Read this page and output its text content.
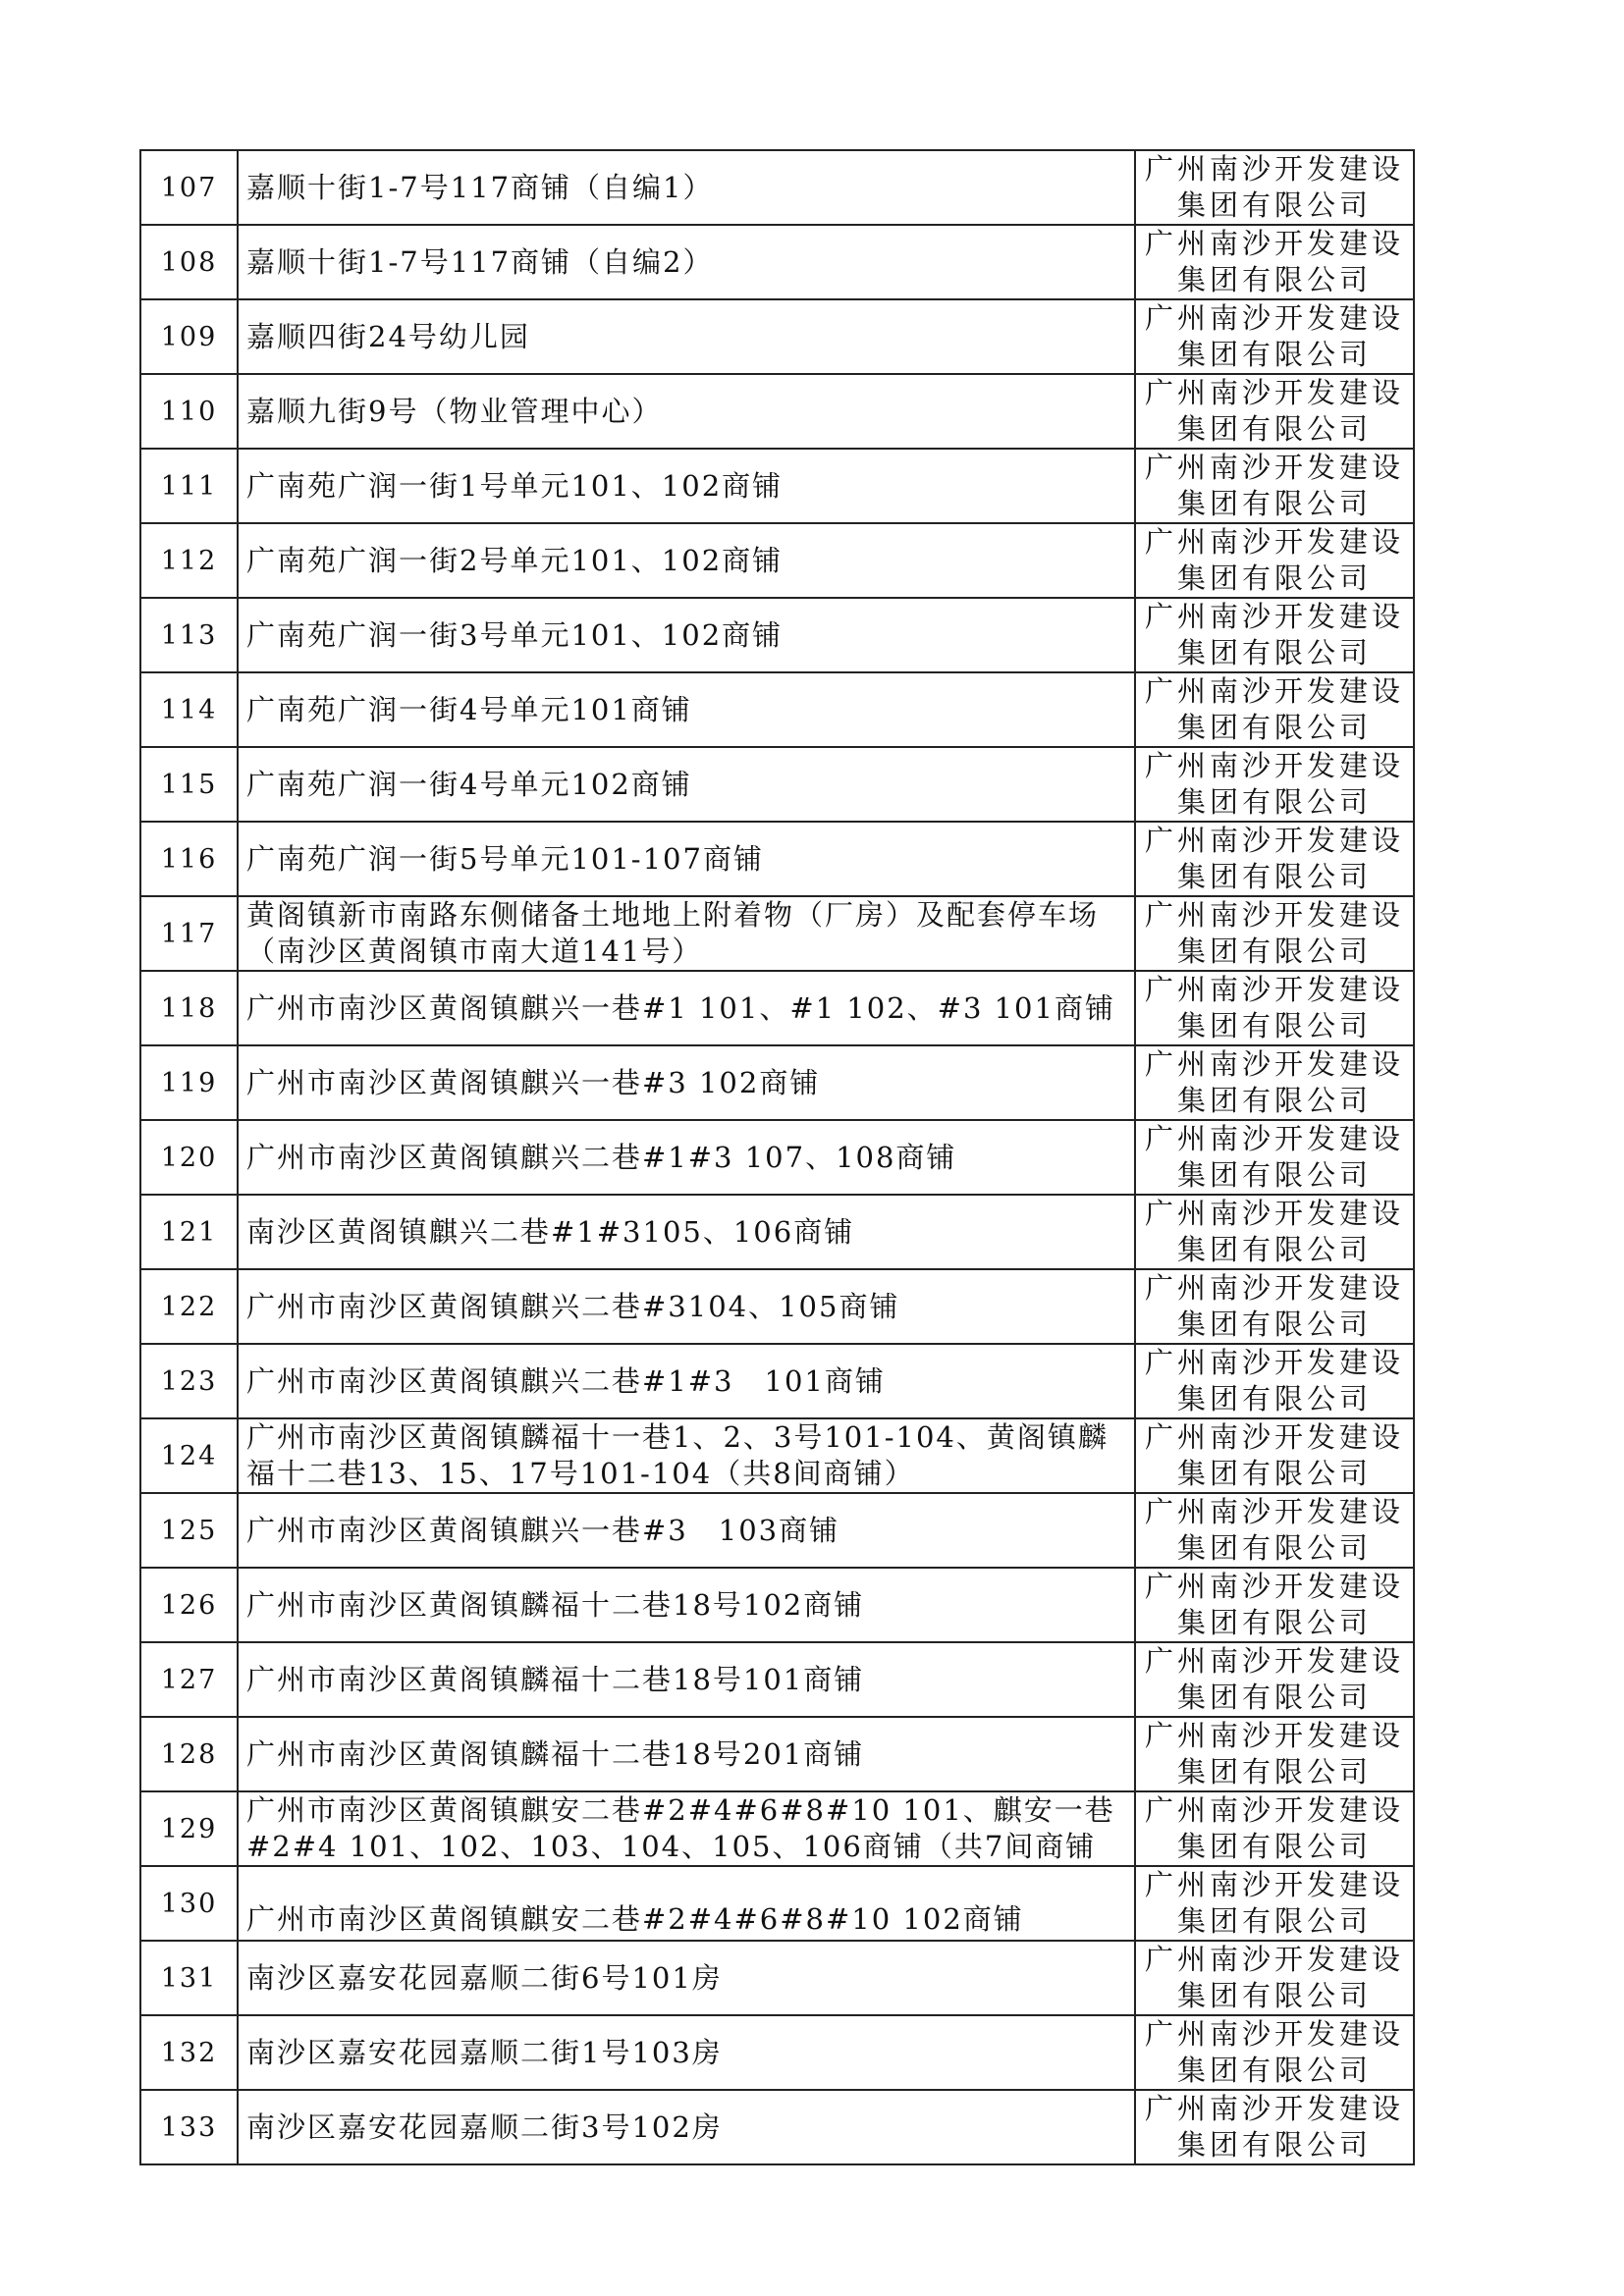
107	嘉顺十街1-7号117商铺（自编1）	广州南沙开发建设
集团有限公司

108	嘉顺十街1-7号117商铺（自编2）	广州南沙开发建设
集团有限公司

109	嘉顺四街24号幼儿园	广州南沙开发建设
集团有限公司

110	嘉顺九街9号（物业管理中心）	广州南沙开发建设
集团有限公司

111	广南苑广润一街1号单元101、102商铺	广州南沙开发建设
集团有限公司

112	广南苑广润一街2号单元101、102商铺	广州南沙开发建设
集团有限公司

113	广南苑广润一街3号单元101、102商铺	广州南沙开发建设
集团有限公司

114	广南苑广润一街4号单元101商铺	广州南沙开发建设
集团有限公司

115	广南苑广润一街4号单元102商铺	广州南沙开发建设
集团有限公司

116	广南苑广润一街5号单元101-107商铺	广州南沙开发建设
集团有限公司

117	黄阁镇新市南路东侧储备土地地上附着物（厂房）及配套停车场（南沙区黄阁镇市南大道141号）	广州南沙开发建设
集团有限公司

118	广州市南沙区黄阁镇麒兴一巷#1 101、#1 102、#3 101商铺	广州南沙开发建设
集团有限公司

119	广州市南沙区黄阁镇麒兴一巷#3 102商铺	广州南沙开发建设
集团有限公司

120	广州市南沙区黄阁镇麒兴二巷#1#3 107、108商铺	广州南沙开发建设
集团有限公司

121	南沙区黄阁镇麒兴二巷#1#3105、106商铺	广州南沙开发建设
集团有限公司

122	广州市南沙区黄阁镇麒兴二巷#3104、105商铺	广州南沙开发建设
集团有限公司

123	广州市南沙区黄阁镇麒兴二巷#1#3　101商铺	广州南沙开发建设
集团有限公司

124	广州市南沙区黄阁镇麟福十一巷1、2、3号101-104、黄阁镇麟福十二巷13、15、17号101-104（共8间商铺）	广州南沙开发建设
集团有限公司

125	广州市南沙区黄阁镇麒兴一巷#3　103商铺	广州南沙开发建设
集团有限公司

126	广州市南沙区黄阁镇麟福十二巷18号102商铺	广州南沙开发建设
集团有限公司

127	广州市南沙区黄阁镇麟福十二巷18号101商铺	广州南沙开发建设
集团有限公司

128	广州市南沙区黄阁镇麟福十二巷18号201商铺	广州南沙开发建设
集团有限公司

129	广州市南沙区黄阁镇麒安二巷#2#4#6#8#10 101、麒安一巷#2#4 101、102、103、104、105、106商铺（共7间商铺	广州南沙开发建设
集团有限公司

130	广州市南沙区黄阁镇麒安二巷#2#4#6#8#10 102商铺	广州南沙开发建设
集团有限公司

131	南沙区嘉安花园嘉顺二街6号101房	广州南沙开发建设
集团有限公司

132	南沙区嘉安花园嘉顺二街1号103房	广州南沙开发建设
集团有限公司

133	南沙区嘉安花园嘉顺二街3号102房	广州南沙开发建设
集团有限公司
